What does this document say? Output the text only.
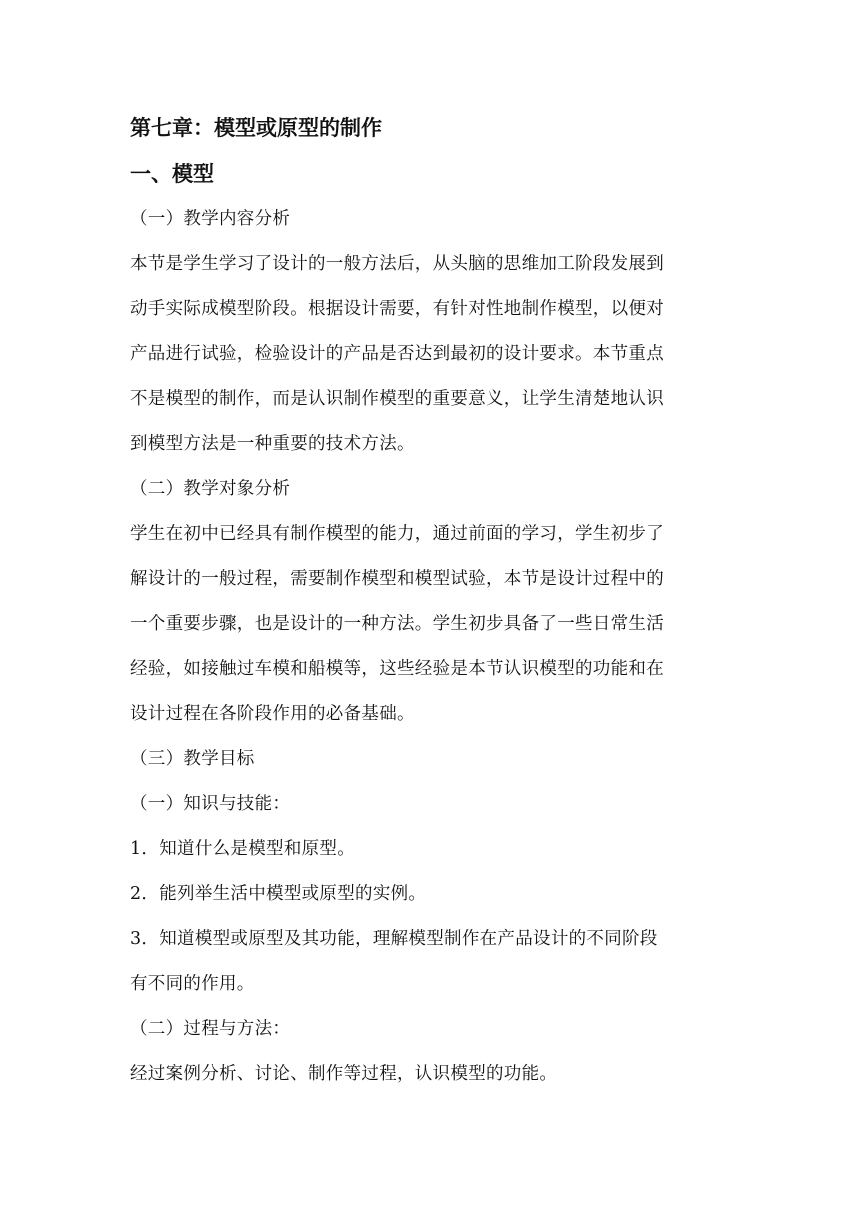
第七章：模型或原型的制作
一、模型
（一）教学内容分析
本节是学生学习了设计的一般方法后，从头脑的思维加工阶段发展到
动手实际成模型阶段。根据设计需要，有针对性地制作模型，以便对
产品进行试验，检验设计的产品是否达到最初的设计要求。本节重点
不是模型的制作，而是认识制作模型的重要意义，让学生清楚地认识
到模型方法是一种重要的技术方法。
（二）教学对象分析
学生在初中已经具有制作模型的能力，通过前面的学习，学生初步了
解设计的一般过程，需要制作模型和模型试验，本节是设计过程中的
一个重要步骤，也是设计的一种方法。学生初步具备了一些日常生活
经验，如接触过车模和船模等，这些经验是本节认识模型的功能和在
设计过程在各阶段作用的必备基础。
（三）教学目标
（一）知识与技能：
1．知道什么是模型和原型。
2．能列举生活中模型或原型的实例。
3．知道模型或原型及其功能，理解模型制作在产品设计的不同阶段
有不同的作用。
（二）过程与方法：
经过案例分析、讨论、制作等过程，认识模型的功能。
